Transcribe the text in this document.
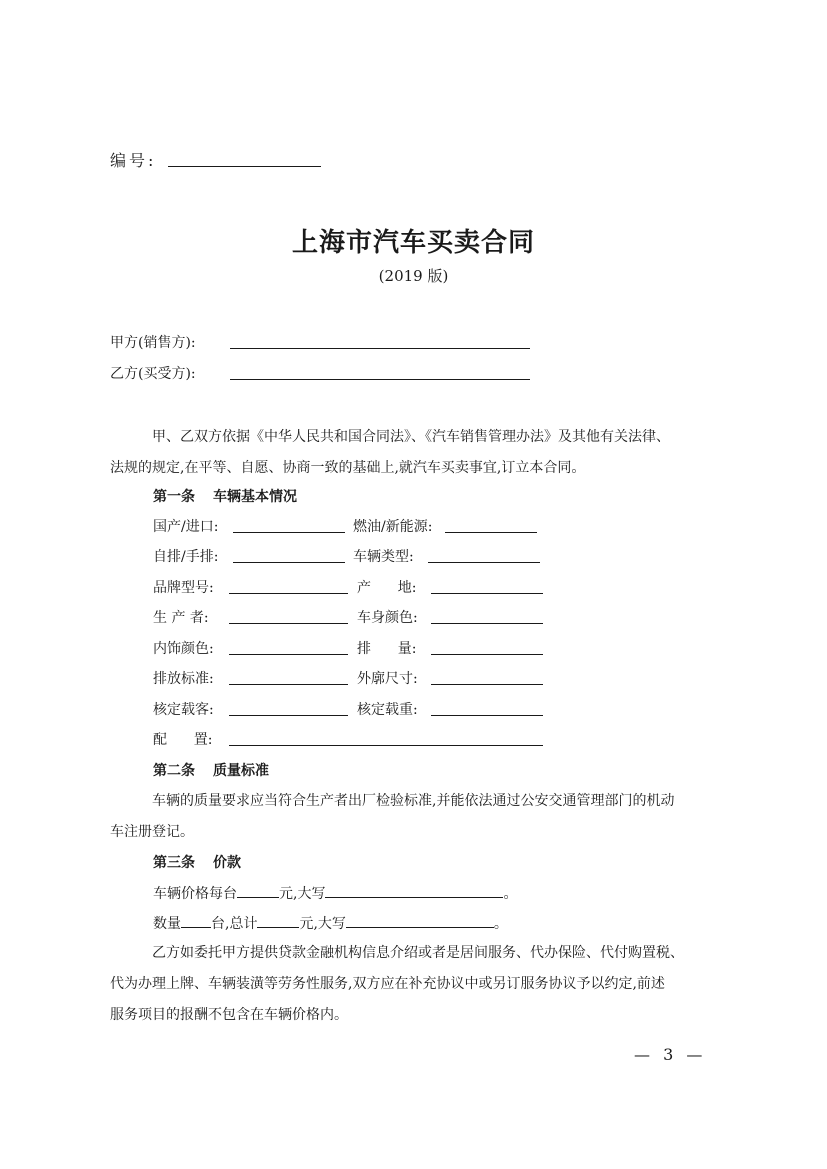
编号:
上海市汽车买卖合同
(2019 版)
甲方(销售方):
乙方(买受方):
甲、乙双方依据《中华人民共和国合同法》、《汽车销售管理办法》及其他有关法律、
法规的规定,在平等、自愿、协商一致的基础上,就汽车买卖事宜,订立本合同。
第一条 车辆基本情况
国产/进口:	燃油/新能源:
自排/手排:	车辆类型:
品牌型号:	产      地:
生 产 者:	车身颜色:
内饰颜色:	排      量:
排放标准:	外廓尺寸:
核定载客:	核定载重:
配      置:
第二条 质量标准
车辆的质量要求应当符合生产者出厂检验标准,并能依法通过公安交通管理部门的机动
车注册登记。
第三条 价款
车辆价格每台	元,大写	。
数量 台,总计	元,大写	。
乙方如委托甲方提供贷款金融机构信息介绍或者是居间服务、代办保险、代付购置税、
代为办理上牌、车辆装潢等劳务性服务,双方应在补充协议中或另订服务协议予以约定,前述
服务项目的报酬不包含在车辆价格内。
— 3 —
